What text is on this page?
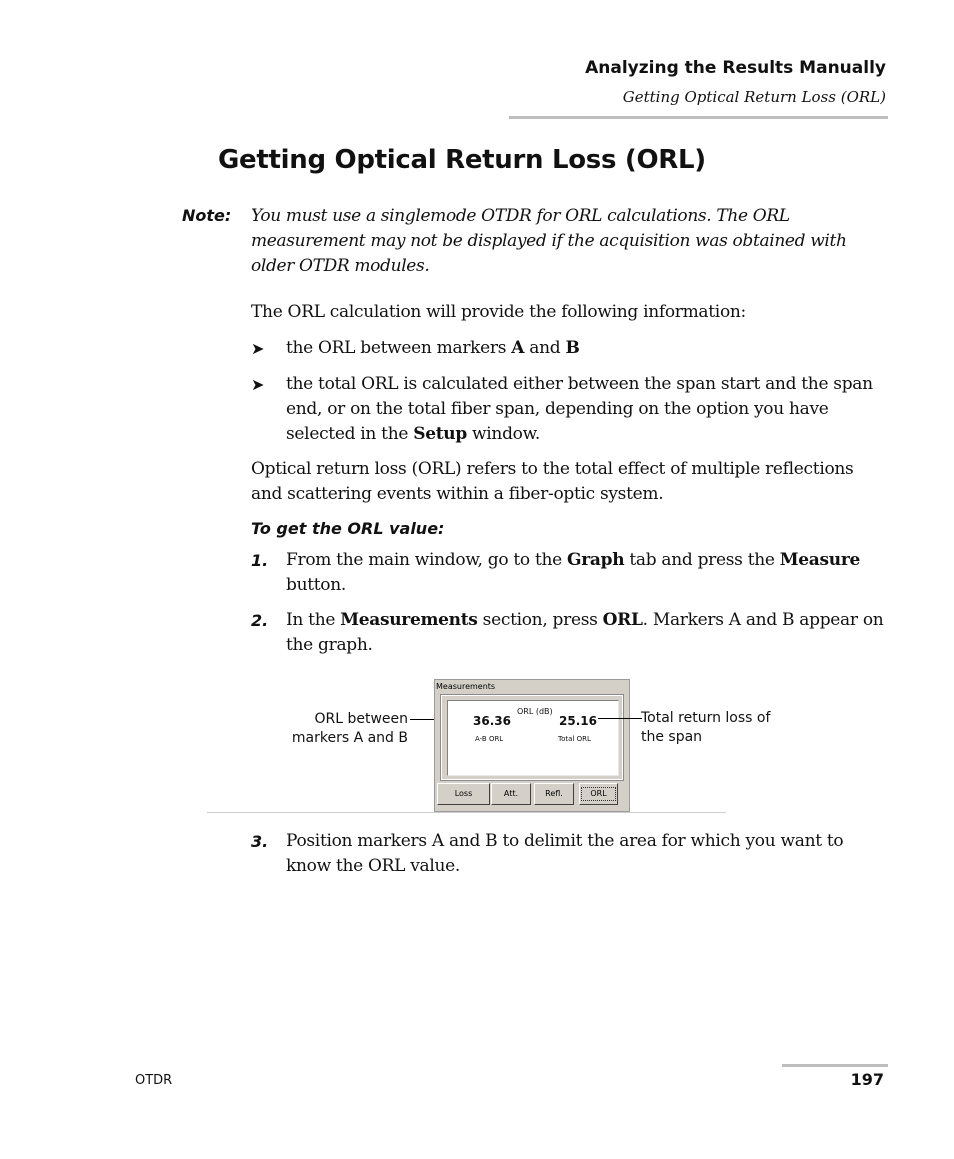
Analyzing the Results Manually
Getting Optical Return Loss (ORL)
Getting Optical Return Loss (ORL)
Note: You must use a singlemode OTDR for ORL calculations. The ORL measurement may not be displayed if the acquisition was obtained with older OTDR modules.
The ORL calculation will provide the following information:
➤ the ORL between markers A and B
➤ the total ORL is calculated either between the span start and the span end, or on the total fiber span, depending on the option you have selected in the Setup window.
Optical return loss (ORL) refers to the total effect of multiple reflections and scattering events within a fiber-optic system.
To get the ORL value:
1. From the main window, go to the Graph tab and press the Measure button.
2. In the Measurements section, press ORL. Markers A and B appear on the graph.
ORL between markers A and B
Measurements
ORL (dB)
36.36	25.16
A-B ORL	Total ORL
Loss	Att.	Refl.	ORL
Total return loss of the span
3. Position markers A and B to delimit the area for which you want to know the ORL value.
OTDR	197
